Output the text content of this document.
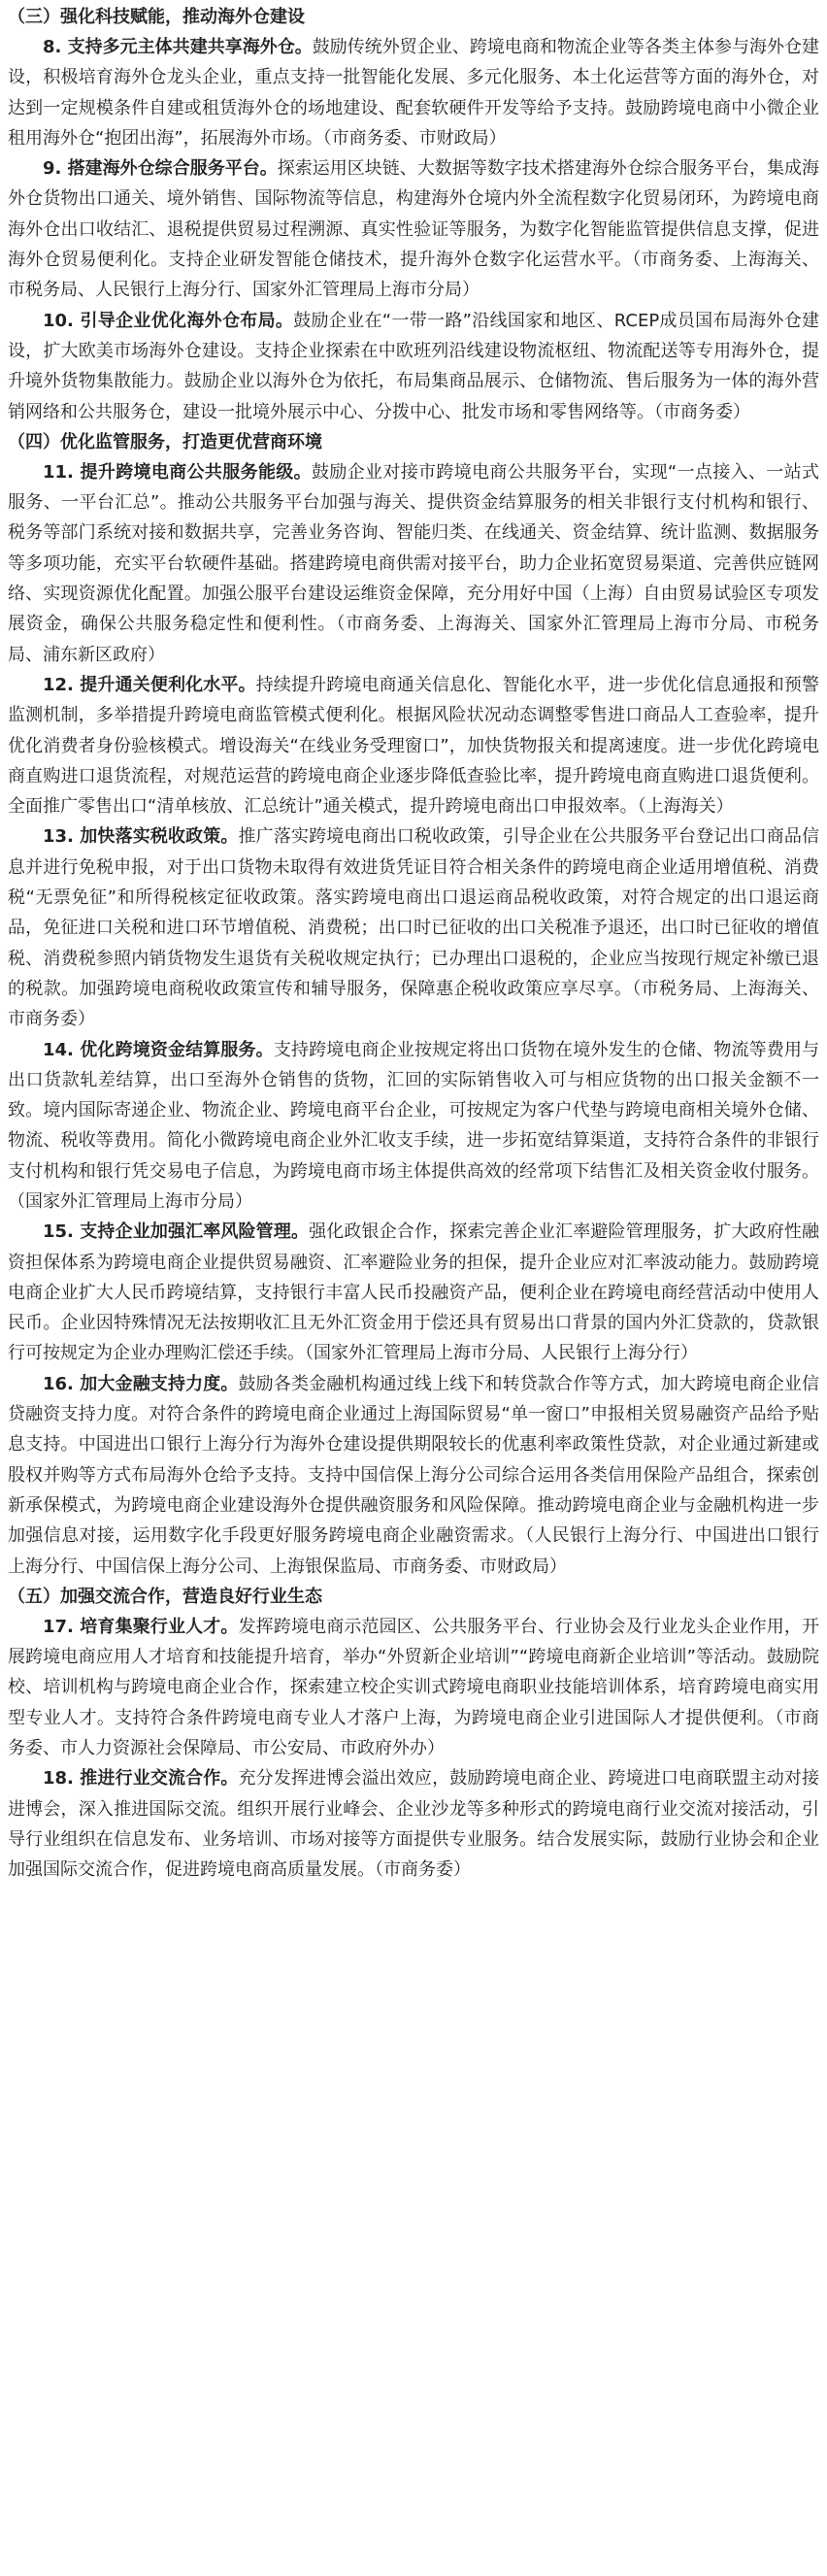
（三）强化科技赋能，推动海外仓建设

8. 支持多元主体共建共享海外仓。鼓励传统外贸企业、跨境电商和物流企业等各类主体参与海外仓建设，积极培育海外仓龙头企业，重点支持一批智能化发展、多元化服务、本土化运营等方面的海外仓，对达到一定规模条件自建或租赁海外仓的场地建设、配套软硬件开发等给予支持。鼓励跨境电商中小微企业租用海外仓“抱团出海”，拓展海外市场。（市商务委、市财政局）

9. 搭建海外仓综合服务平台。探索运用区块链、大数据等数字技术搭建海外仓综合服务平台，集成海外仓货物出口通关、境外销售、国际物流等信息，构建海外仓境内外全流程数字化贸易闭环，为跨境电商海外仓出口收结汇、退税提供贸易过程溯源、真实性验证等服务，为数字化智能监管提供信息支撑，促进海外仓贸易便利化。支持企业研发智能仓储技术，提升海外仓数字化运营水平。（市商务委、上海海关、市税务局、人民银行上海分行、国家外汇管理局上海市分局）

10. 引导企业优化海外仓布局。鼓励企业在“一带一路”沿线国家和地区、RCEP成员国布局海外仓建设，扩大欧美市场海外仓建设。支持企业探索在中欧班列沿线建设物流枢纽、物流配送等专用海外仓，提升境外货物集散能力。鼓励企业以海外仓为依托，布局集商品展示、仓储物流、售后服务为一体的海外营销网络和公共服务仓，建设一批境外展示中心、分拨中心、批发市场和零售网络等。（市商务委）

（四）优化监管服务，打造更优营商环境

11. 提升跨境电商公共服务能级。鼓励企业对接市跨境电商公共服务平台，实现“一点接入、一站式服务、一平台汇总”。推动公共服务平台加强与海关、提供资金结算服务的相关非银行支付机构和银行、税务等部门系统对接和数据共享，完善业务咨询、智能归类、在线通关、资金结算、统计监测、数据服务等多项功能，充实平台软硬件基础。搭建跨境电商供需对接平台，助力企业拓宽贸易渠道、完善供应链网络、实现资源优化配置。加强公服平台建设运维资金保障，充分用好中国（上海）自由贸易试验区专项发展资金，确保公共服务稳定性和便利性。（市商务委、上海海关、国家外汇管理局上海市分局、市税务局、浦东新区政府）

12. 提升通关便利化水平。持续提升跨境电商通关信息化、智能化水平，进一步优化信息通报和预警监测机制，多举措提升跨境电商监管模式便利化。根据风险状况动态调整零售进口商品人工查验率，提升优化消费者身份验核模式。增设海关“在线业务受理窗口”，加快货物报关和提离速度。进一步优化跨境电商直购进口退货流程，对规范运营的跨境电商企业逐步降低查验比率，提升跨境电商直购进口退货便利。全面推广零售出口“清单核放、汇总统计”通关模式，提升跨境电商出口申报效率。（上海海关）

13. 加快落实税收政策。推广落实跨境电商出口税收政策，引导企业在公共服务平台登记出口商品信息并进行免税申报，对于出口货物未取得有效进货凭证目符合相关条件的跨境电商企业适用增值税、消费税“无票免征”和所得税核定征收政策。落实跨境电商出口退运商品税收政策，对符合规定的出口退运商品，免征进口关税和进口环节增值税、消费税；出口时已征收的出口关税准予退还，出口时已征收的增值税、消费税参照内销货物发生退货有关税收规定执行；已办理出口退税的，企业应当按现行规定补缴已退的税款。加强跨境电商税收政策宣传和辅导服务，保障惠企税收政策应享尽享。（市税务局、上海海关、市商务委）

14. 优化跨境资金结算服务。支持跨境电商企业按规定将出口货物在境外发生的仓储、物流等费用与出口货款轧差结算，出口至海外仓销售的货物，汇回的实际销售收入可与相应货物的出口报关金额不一致。境内国际寄递企业、物流企业、跨境电商平台企业，可按规定为客户代垫与跨境电商相关境外仓储、物流、税收等费用。简化小微跨境电商企业外汇收支手续，进一步拓宽结算渠道，支持符合条件的非银行支付机构和银行凭交易电子信息，为跨境电商市场主体提供高效的经常项下结售汇及相关资金收付服务。（国家外汇管理局上海市分局）

15. 支持企业加强汇率风险管理。强化政银企合作，探索完善企业汇率避险管理服务，扩大政府性融资担保体系为跨境电商企业提供贸易融资、汇率避险业务的担保，提升企业应对汇率波动能力。鼓励跨境电商企业扩大人民币跨境结算，支持银行丰富人民币投融资产品，便利企业在跨境电商经营活动中使用人民币。企业因特殊情况无法按期收汇且无外汇资金用于偿还具有贸易出口背景的国内外汇贷款的，贷款银行可按规定为企业办理购汇偿还手续。（国家外汇管理局上海市分局、人民银行上海分行）

16. 加大金融支持力度。鼓励各类金融机构通过线上线下和转贷款合作等方式，加大跨境电商企业信贷融资支持力度。对符合条件的跨境电商企业通过上海国际贸易“单一窗口”申报相关贸易融资产品给予贴息支持。中国进出口银行上海分行为海外仓建设提供期限较长的优惠利率政策性贷款，对企业通过新建或股权并购等方式布局海外仓给予支持。支持中国信保上海分公司综合运用各类信用保险产品组合，探索创新承保模式，为跨境电商企业建设海外仓提供融资服务和风险保障。推动跨境电商企业与金融机构进一步加强信息对接，运用数字化手段更好服务跨境电商企业融资需求。（人民银行上海分行、中国进出口银行上海分行、中国信保上海分公司、上海银保监局、市商务委、市财政局）

（五）加强交流合作，营造良好行业生态

17. 培育集聚行业人才。发挥跨境电商示范园区、公共服务平台、行业协会及行业龙头企业作用，开展跨境电商应用人才培育和技能提升培育，举办“外贸新企业培训”“跨境电商新企业培训”等活动。鼓励院校、培训机构与跨境电商企业合作，探索建立校企实训式跨境电商职业技能培训体系，培育跨境电商实用型专业人才。支持符合条件跨境电商专业人才落户上海，为跨境电商企业引进国际人才提供便利。（市商务委、市人力资源社会保障局、市公安局、市政府外办）

18. 推进行业交流合作。充分发挥进博会溢出效应，鼓励跨境电商企业、跨境进口电商联盟主动对接进博会，深入推进国际交流。组织开展行业峰会、企业沙龙等多种形式的跨境电商行业交流对接活动，引导行业组织在信息发布、业务培训、市场对接等方面提供专业服务。结合发展实际，鼓励行业协会和企业加强国际交流合作，促进跨境电商高质量发展。（市商务委）
